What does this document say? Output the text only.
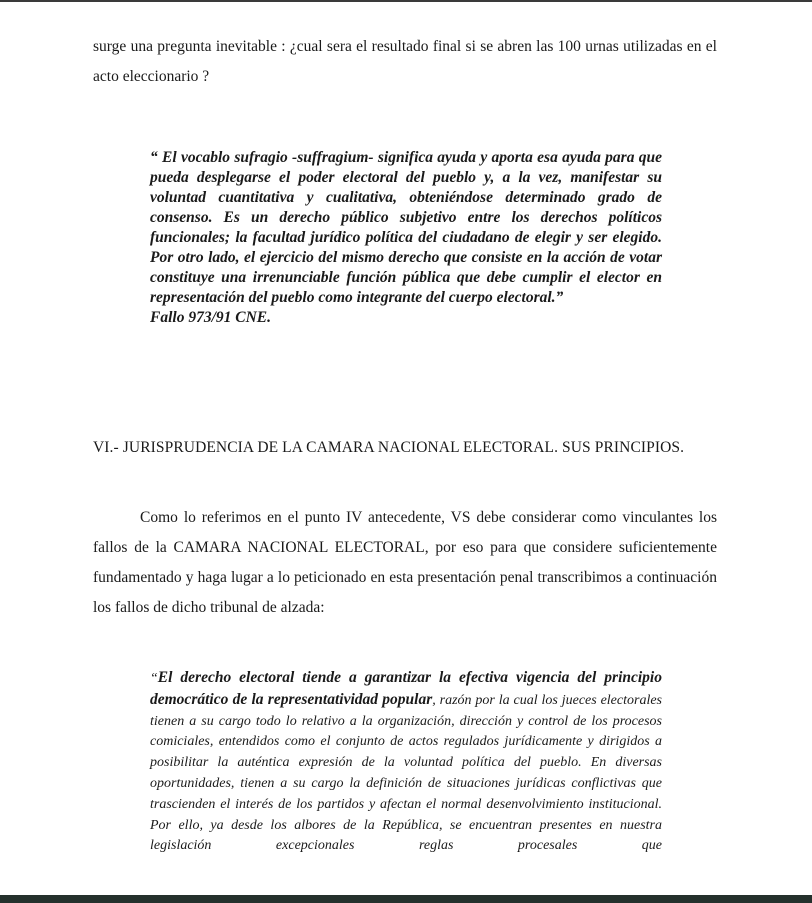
surge una pregunta inevitable : ¿cual sera el resultado final si se abren las 100 urnas utilizadas en el acto eleccionario ?

“ El vocablo sufragio -suffragium- significa ayuda y aporta esa ayuda para que pueda desplegarse el poder electoral del pueblo y, a la vez, manifestar su voluntad cuantitativa y cualitativa, obteniéndose determinado grado de consenso. Es un derecho público subjetivo entre los derechos políticos funcionales; la facultad jurídico política del ciudadano de elegir y ser elegido. Por otro lado, el ejercicio del mismo derecho que consiste en la acción de votar constituye una irrenunciable función pública que debe cumplir el elector en representación del pueblo como integrante del cuerpo electoral.”
Fallo 973/91 CNE.
VI.- JURISPRUDENCIA DE LA CAMARA NACIONAL ELECTORAL. SUS PRINCIPIOS.

Como lo referimos en el punto IV antecedente, VS debe considerar como vinculantes los fallos de la CAMARA NACIONAL ELECTORAL, por eso para que considere suficientemente fundamentado y haga lugar a lo peticionado en esta presentación penal transcribimos a continuación los fallos de dicho tribunal de alzada:

“El derecho electoral tiende a garantizar la efectiva vigencia del principio democrático de la representatividad popular, razón por la cual los jueces electorales tienen a su cargo todo lo relativo a la organización, dirección y control de los procesos comiciales, entendidos como el conjunto de actos regulados jurídicamente y dirigidos a posibilitar la auténtica expresión de la voluntad política del pueblo. En diversas oportunidades, tienen a su cargo la definición de situaciones jurídicas conflictivas que trascienden el interés de los partidos y afectan el normal desenvolvimiento institucional. Por ello, ya desde los albores de la República, se encuentran presentes en nuestra legislación excepcionales reglas procesales que
